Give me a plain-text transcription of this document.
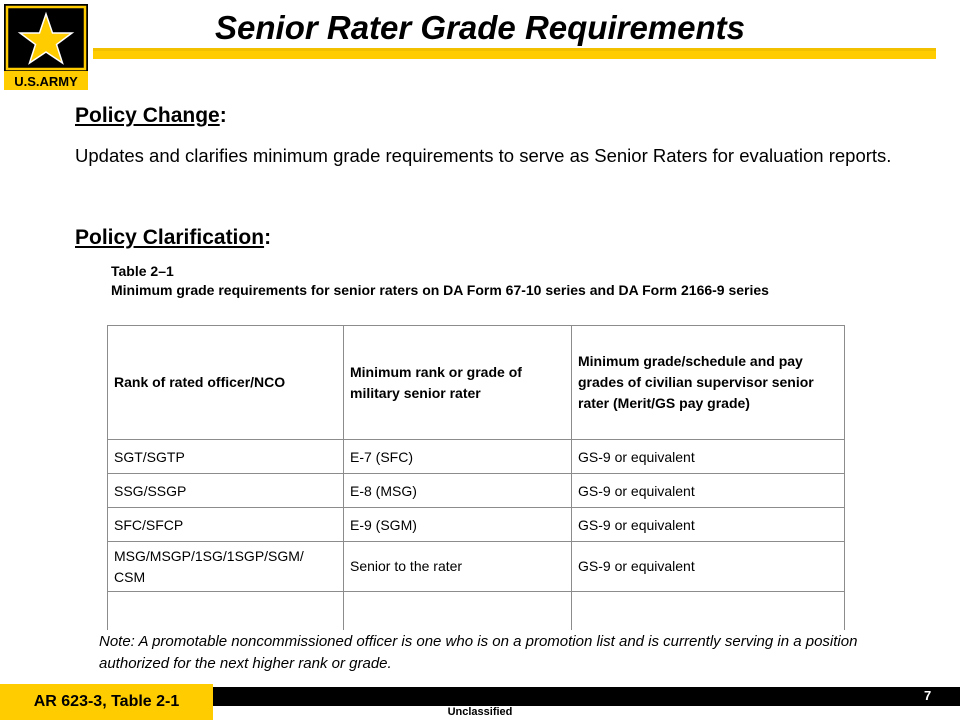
U.S.ARMY
Senior Rater Grade Requirements
Policy Change:
Updates and clarifies minimum grade requirements to serve as Senior Raters for evaluation reports.
Policy Clarification:
Table 2–1
Minimum grade requirements for senior raters on DA Form 67-10 series and DA Form 2166-9 series
Rank of rated officer/NCO	Minimum rank or grade of military senior rater	Minimum grade/schedule and pay grades of civilian supervisor senior rater (Merit/GS pay grade)
SGT/SGTP	E-7 (SFC)	GS-9 or equivalent
SSG/SSGP	E-8 (MSG)	GS-9 or equivalent
SFC/SFCP	E-9 (SGM)	GS-9 or equivalent
MSG/MSGP/1SG/1SGP/SGM/ CSM	Senior to the rater	GS-9 or equivalent

Note: A promotable noncommissioned officer is one who is on a promotion list and is currently serving in a position authorized for the next higher rank or grade.
AR 623-3, Table 2-1	7
Unclassified
